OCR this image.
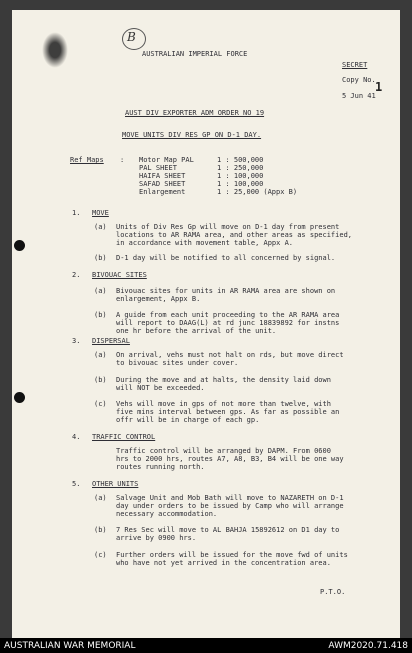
B
AUSTRALIAN IMPERIAL FORCE
SECRET
Copy No. 1
5 Jun 41
AUST DIV EXPORTER ADM ORDER NO 19
MOVE UNITS DIV RES GP ON D-1 DAY.
Ref Maps : Motor Map PAL	1 : 500,000
PAL SHEET	1 : 250,000
HAIFA SHEET	1 : 100,000
SAFAD SHEET	1 : 100,000
Enlargement	1 : 25,000 (Appx B)
1. MOVE
(a) Units of Div Res Gp will move on D-1 day from present
locations to AR RAMA area, and other areas as specified,
in accordance with movement table, Appx A.
(b) D-1 day will be notified to all concerned by signal.
2. BIVOUAC SITES
(a) Bivouac sites for units in AR RAMA area are shown on
enlargement, Appx B.
(b) A guide from each unit proceeding to the AR RAMA area
will report to DAAG(L) at rd junc 18839892 for instns
one hr before the arrival of the unit.
3. DISPERSAL
(a) On arrival, vehs must not halt on rds, but move direct
to bivouac sites under cover.
(b) During the move and at halts, the density laid down
will NOT be exceeded.
(c) Vehs will move in gps of not more than twelve, with
five mins interval between gps. As far as possible an
offr will be in charge of each gp.
4. TRAFFIC CONTROL
Traffic control will be arranged by DAPM. From 0600
hrs to 2000 hrs, routes A7, A8, B3, B4 will be one way
routes running north.
5. OTHER UNITS
(a) Salvage Unit and Mob Bath will move to NAZARETH on D-1
day under orders to be issued by Camp who will arrange
necessary accommodation.
(b) 7 Res Sec will move to AL BAHJA 15892612 on D1 day to
arrive by 0900 hrs.
(c) Further orders will be issued for the move fwd of units
who have not yet arrived in the concentration area.
P.T.O.
AUSTRALIAN WAR MEMORIAL	AWM2020.71.418
